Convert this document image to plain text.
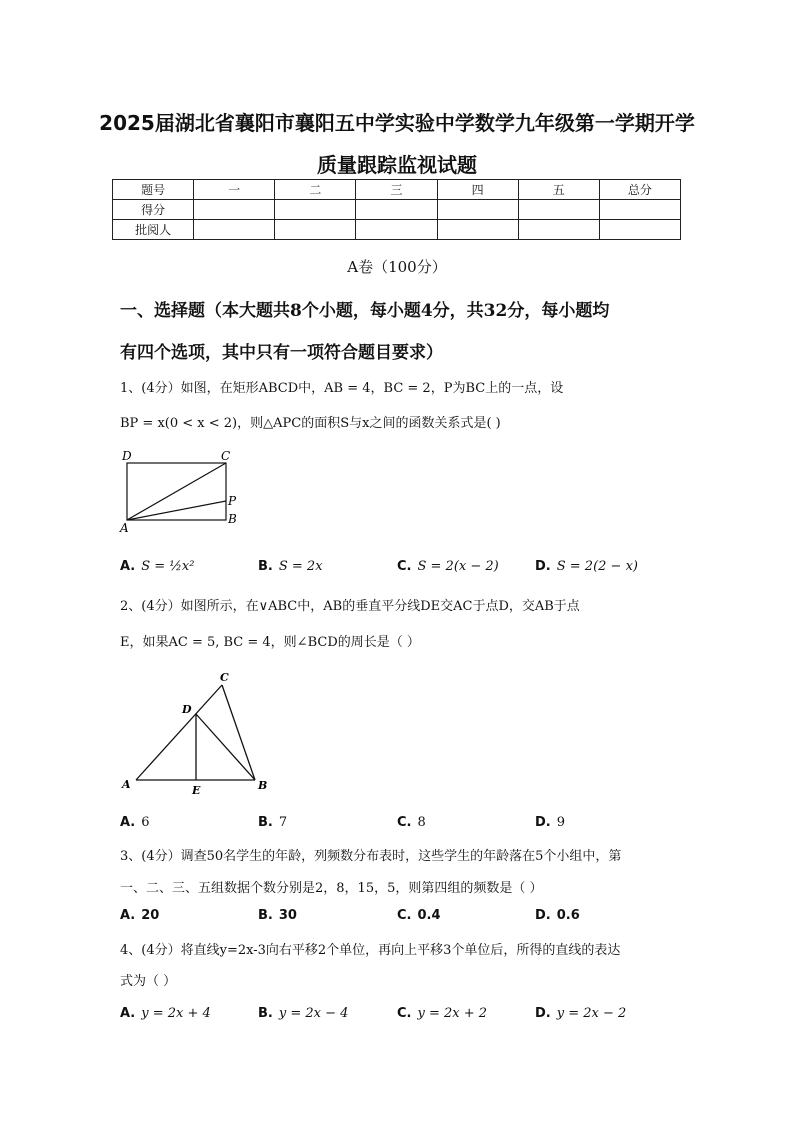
2025届湖北省襄阳市襄阳五中学实验中学数学九年级第一学期开学
质量跟踪监视试题
题号	一	二	三	四	五	总分
得分						
批阅人						
A卷（100分）
一、选择题（本大题共8个小题，每小题4分，共32分，每小题均
有四个选项，其中只有一项符合题目要求）
1、(4分）如图，在矩形ABCD中，AB = 4，BC = 2，P为BC上的一点，设
BP = x(0 < x < 2)，则△APC的面积S与x之间的函数关系式是( )
D	C
P
B
A
A. S = ½x²	B. S = 2x	C. S = 2(x − 2)	D. S = 2(2 − x)
2、(4分）如图所示，在∨ABC中，AB的垂直平分线DE交AC于点D，交AB于点
E，如果AC = 5, BC = 4，则∠BCD的周长是（ ）
C
D
A	E	B
A. 6	B. 7	C. 8	D. 9
3、(4分）调查50名学生的年龄，列频数分布表时，这些学生的年龄落在5个小组中，第
一、二、三、五组数据个数分别是2，8，15，5，则第四组的频数是（ ）
A. 20	B. 30	C. 0.4	D. 0.6
4、(4分）将直线y=2x-3向右平移2个单位，再向上平移3个单位后，所得的直线的表达
式为（ ）
A. y = 2x + 4	B. y = 2x − 4	C. y = 2x + 2	D. y = 2x − 2
